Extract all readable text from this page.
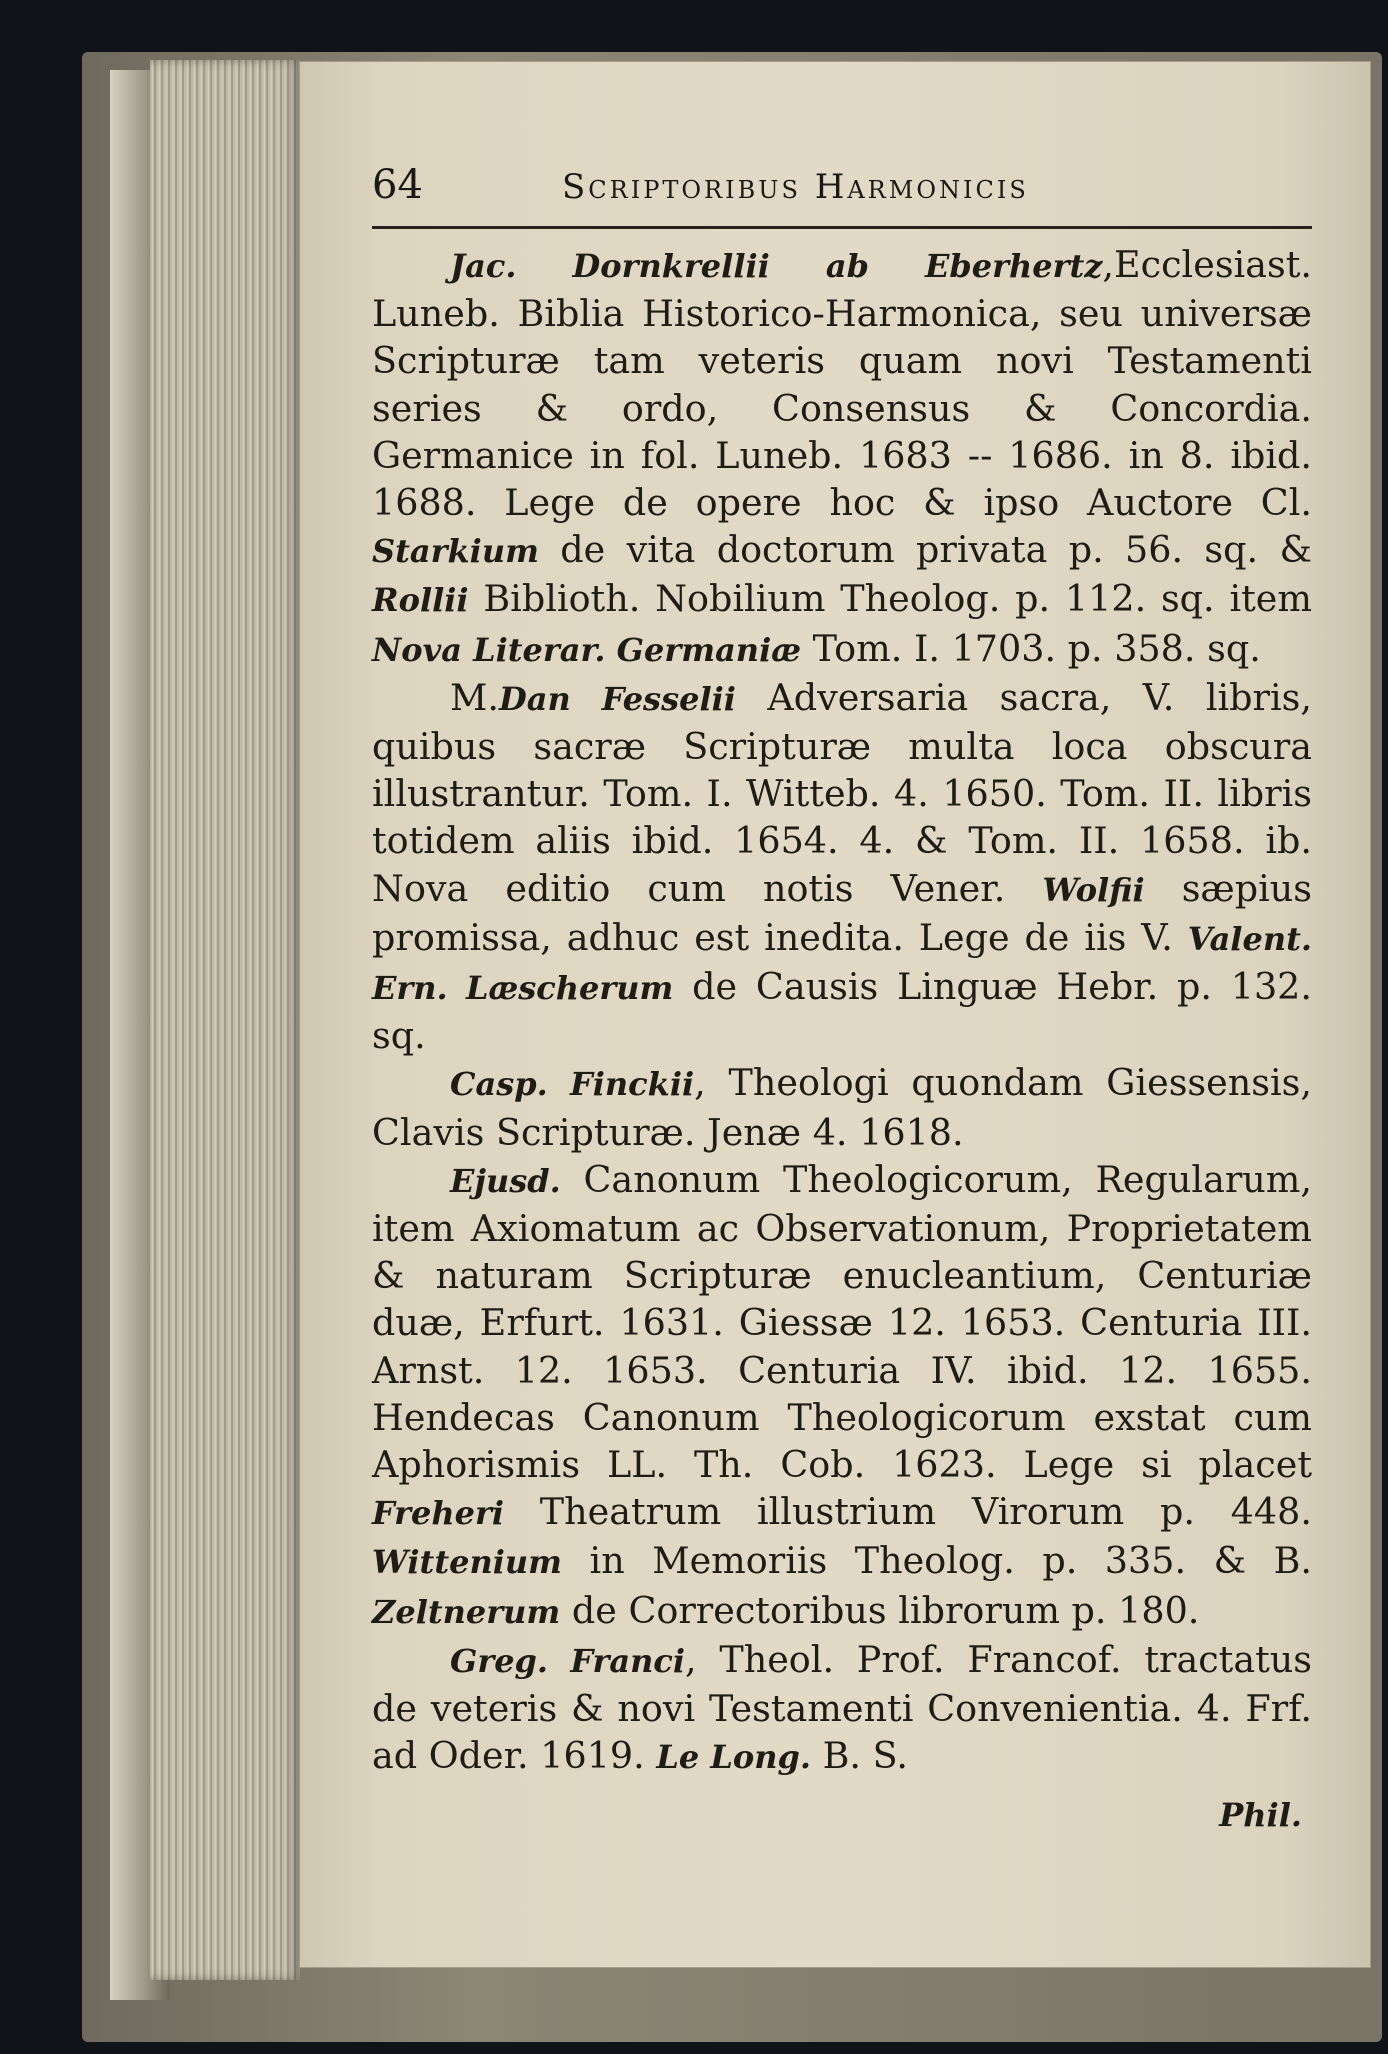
64	Scriptoribus Harmonicis

Jac. Dornkrellii ab Eberhertz,Ecclesiast. Luneb. Biblia Historico-Harmonica, seu universæ Scripturæ tam veteris quam novi Testamenti series & ordo, Consensus & Concordia. Germanice in fol. Luneb. 1683 -- 1686. in 8. ibid. 1688. Lege de opere hoc & ipso Auctore Cl. Starkium de vita doctorum privata p. 56. sq. & Rollii Biblioth. Nobilium Theolog. p. 112. sq. item Nova Literar. Germaniæ Tom. I. 1703. p. 358. sq.

M.Dan Fesselii Adversaria sacra, V. libris, quibus sacræ Scripturæ multa loca obscura illustrantur. Tom. I. Witteb. 4. 1650. Tom. II. libris totidem aliis ibid. 1654. 4. & Tom. II. 1658. ib. Nova editio cum notis Vener. Wolfii sæpius promissa, adhuc est inedita. Lege de iis V. Valent. Ern. Læscherum de Causis Linguæ Hebr. p. 132. sq.

Casp. Finckii, Theologi quondam Giessensis, Clavis Scripturæ. Jenæ 4. 1618.

Ejusd. Canonum Theologicorum, Regularum, item Axiomatum ac Observationum, Proprietatem & naturam Scripturæ enucleantium, Centuriæ duæ, Erfurt. 1631. Giessæ 12. 1653. Centuria III. Arnst. 12. 1653. Centuria IV. ibid. 12. 1655. Hendecas Canonum Theologicorum exstat cum Aphorismis LL. Th. Cob. 1623. Lege si placet Freheri Theatrum illustrium Virorum p. 448. Wittenium in Memoriis Theolog. p. 335. & B. Zeltnerum de Correctoribus librorum p. 180.

Greg. Franci, Theol. Prof. Francof. tractatus de veteris & novi Testamenti Convenientia. 4. Frf. ad Oder. 1619. Le Long. B. S.

Phil.
